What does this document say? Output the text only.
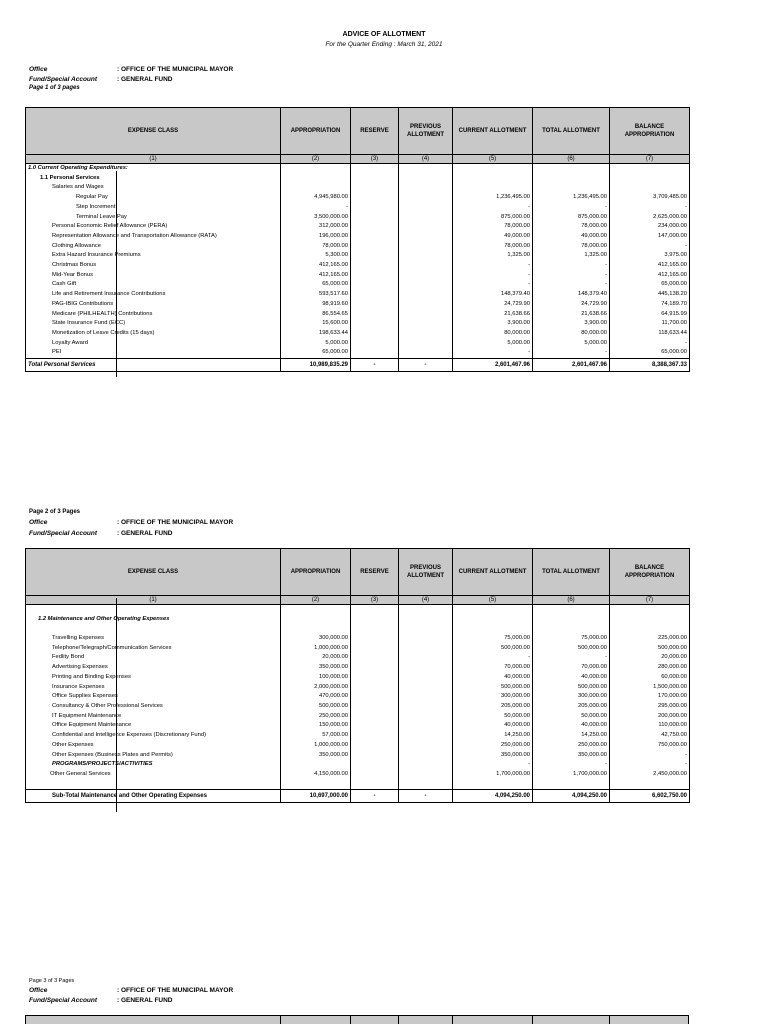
ADVICE OF ALLOTMENT
For the Quarter Ending : March 31, 2021
Office	: OFFICE OF THE MUNICIPAL MAYOR
Fund/Special Account	: GENERAL FUND
Page 1 of 3 pages
EXPENSE CLASS	APPROPRIATION	RESERVE	PREVIOUS ALLOTMENT	CURRENT ALLOTMENT	TOTAL ALLOTMENT	BALANCE APPROPRIATION
(1)	(2)	(3)	(4)	(5)	(6)	(7)
1.0 Current Operating Expenditures:						
1.1 Personal Services						
Salaries and Wages						
Regular Pay	4,945,980.00			1,236,495.00	1,236,495.00	3,709,485.00
Step Increment	-			-	-	-
Terminal Leave Pay	3,500,000.00			875,000.00	875,000.00	2,625,000.00
Personal Economic Relief Allowance (PERA)	312,000.00			78,000.00	78,000.00	234,000.00
Representation Allowance and Transportation Allowance (RATA)	196,000.00			49,000.00	49,000.00	147,000.00
Clothing Allowance	78,000.00			78,000.00	78,000.00	-
Extra Hazard Insurance Premiums	5,300.00			1,325.00	1,325.00	3,975.00
Christmas Bonus	412,165.00			-	-	412,165.00
Mid-Year Bonus	412,165.00			-	-	412,165.00
Cash Gift	65,000.00			-	-	65,000.00
Life and Retirement Insurance Contributions	593,517.60			148,379.40	148,379.40	445,138.20
PAG-IBIG Contributions	98,919.60			24,729.90	24,729.90	74,189.70
Medicare (PHILHEALTH) Contributions	86,554.65			21,638.66	21,638.66	64,915.99
State Insurance Fund (ECC)	15,600.00			3,900.00	3,900.00	11,700.00
Monetization of Leave Credits (15 days)	198,633.44			80,000.00	80,000.00	118,633.44
Loyalty Award	5,000.00			5,000.00	5,000.00	-
PEI	65,000.00			-	-	65,000.00
Total Personal Services	10,989,835.29	-	-	2,601,467.96	2,601,467.96	8,388,367.33
Page 2 of 3 Pages
Office	: OFFICE OF THE MUNICIPAL MAYOR
Fund/Special Account	: GENERAL FUND
EXPENSE CLASS	APPROPRIATION	RESERVE	PREVIOUS ALLOTMENT	CURRENT ALLOTMENT	TOTAL ALLOTMENT	BALANCE APPROPRIATION
(1)	(2)	(3)	(4)	(5)	(6)	(7)

1.2 Maintenance and Other Operating Expenses						

Travelling Expenses	300,000.00			75,000.00	75,000.00	225,000.00
Telephone/Telegraph/Communication Services	1,000,000.00			500,000.00	500,000.00	500,000.00
Fedlity Bond	20,000.00			-	-	20,000.00
Advertising Expenses	350,000.00			70,000.00	70,000.00	280,000.00
Printing and Binding Expenses	100,000.00			40,000.00	40,000.00	60,000.00
Insurance Expenses	2,000,000.00			500,000.00	500,000.00	1,500,000.00
Office Supplies Expenses	470,000.00			300,000.00	300,000.00	170,000.00
Consultancy & Other Professional Services	500,000.00			205,000.00	205,000.00	295,000.00
IT Equipment Maintenance	250,000.00			50,000.00	50,000.00	200,000.00
Office Equipment Maintenance	150,000.00			40,000.00	40,000.00	110,000.00
Confidential and Intelligence Expenses (Discretionary Fund)	57,000.00			14,250.00	14,250.00	42,750.00
Other Expenses	1,000,000.00			250,000.00	250,000.00	750,000.00
Other Expenses (Business Plates and Permits)	350,000.00			350,000.00	350,000.00	-
PROGRAMS/PROJECTS/ACTIVITIES				-	-	-
Other General Services	4,150,000.00			1,700,000.00	1,700,000.00	2,450,000.00

Sub-Total Maintenance and Other Operating Expenses	10,697,000.00	-	-	4,094,250.00	4,094,250.00	6,602,750.00
Page 3 of 3 Pages
Office	: OFFICE OF THE MUNICIPAL MAYOR
Fund/Special Account	: GENERAL FUND
